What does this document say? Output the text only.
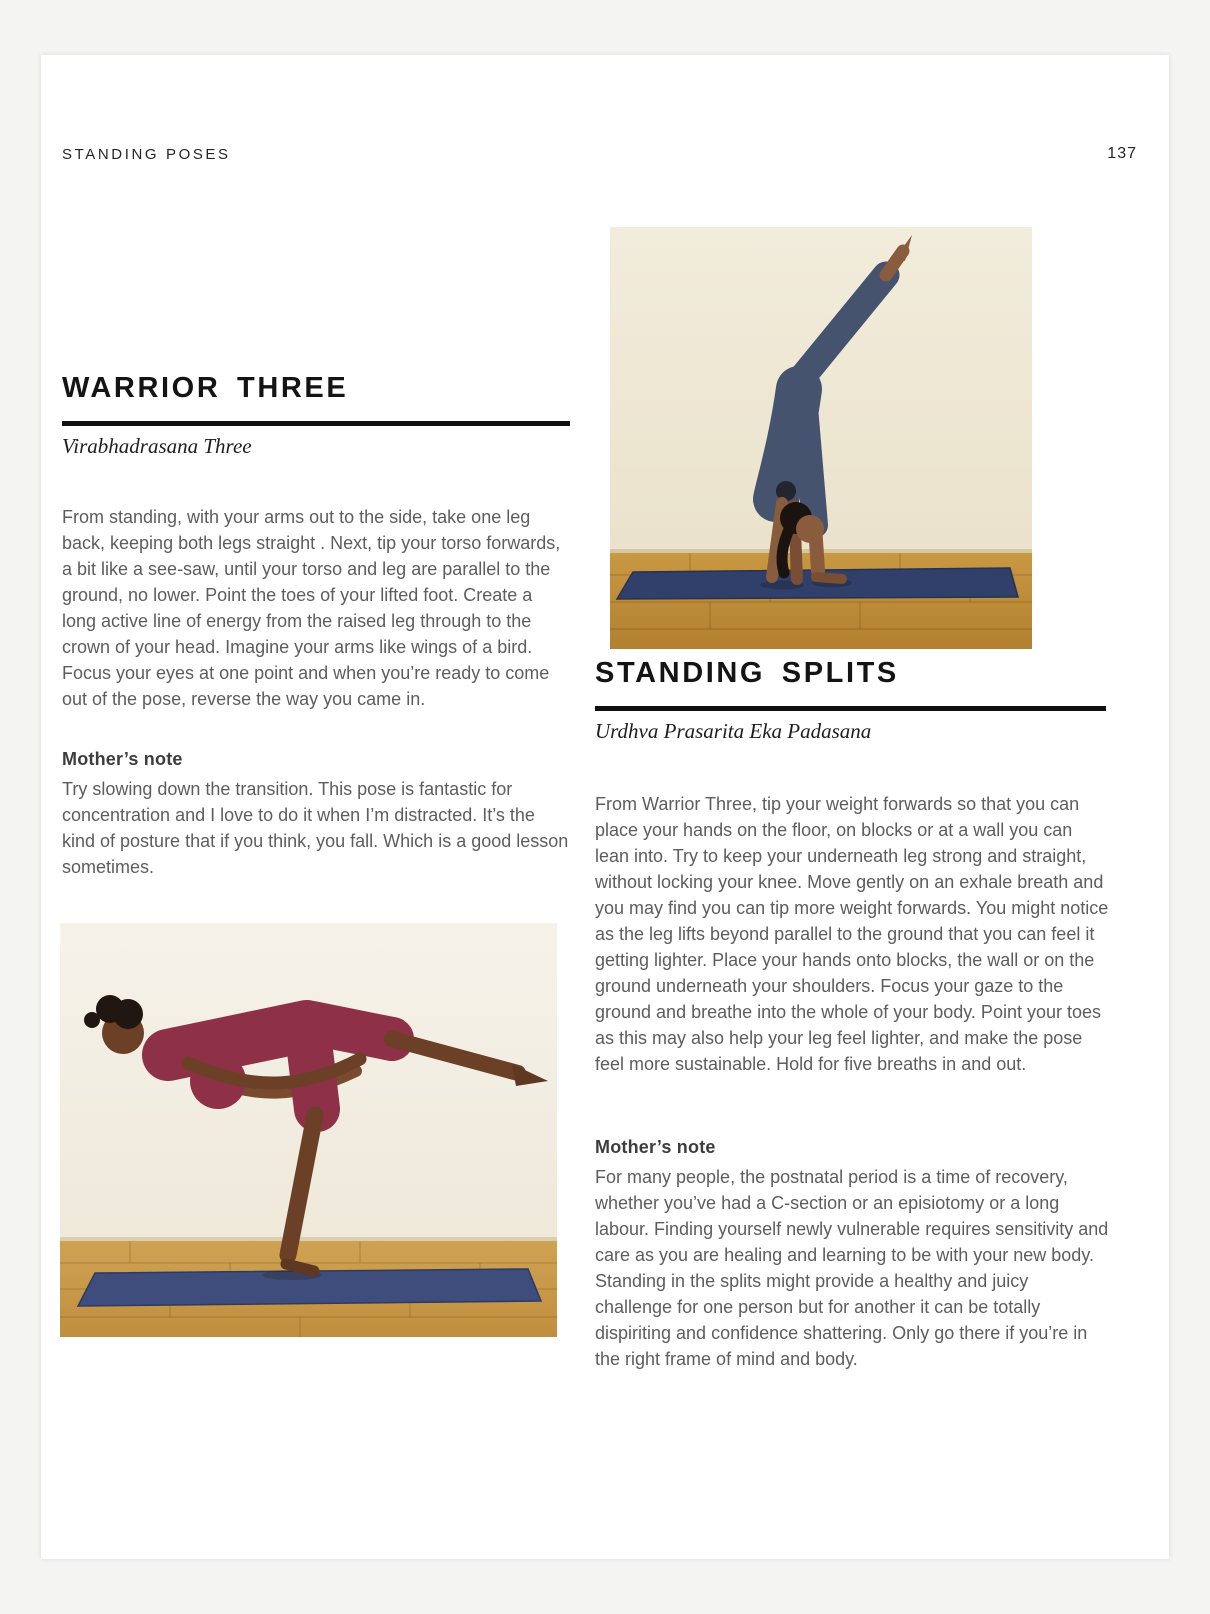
STANDING POSES	137
WARRIOR THREE
Virabhadrasana Three
From standing, with your arms out to the side, take one leg back, keeping both legs straight . Next, tip your torso forwards, a bit like a see-saw, until your torso and leg are parallel to the ground, no lower. Point the toes of your lifted foot. Create a long active line of energy from the raised leg through to the crown of your head. Imagine your arms like wings of a bird. Focus your eyes at one point and when you’re ready to come out of the pose, reverse the way you came in.
Mother’s note
Try slowing down the transition. This pose is fantastic for concentration and I love to do it when I’m distracted. It’s the kind of posture that if you think, you fall. Which is a good lesson sometimes.
STANDING SPLITS
Urdhva Prasarita Eka Padasana
From Warrior Three, tip your weight forwards so that you can place your hands on the floor, on blocks or at a wall you can lean into. Try to keep your underneath leg strong and straight, without locking your knee. Move gently on an exhale breath and you may find you can tip more weight forwards. You might notice as the leg lifts beyond parallel to the ground that you can feel it getting lighter. Place your hands onto blocks, the wall or on the ground underneath your shoulders. Focus your gaze to the ground and breathe into the whole of your body. Point your toes as this may also help your leg feel lighter, and make the pose feel more sustainable. Hold for five breaths in and out.
Mother’s note
For many people, the postnatal period is a time of recovery, whether you’ve had a C-section or an episiotomy or a long labour. Finding yourself newly vulnerable requires sensitivity and care as you are healing and learning to be with your new body. Standing in the splits might provide a healthy and juicy challenge for one person but for another it can be totally dispiriting and confidence shattering. Only go there if you’re in the right frame of mind and body.
